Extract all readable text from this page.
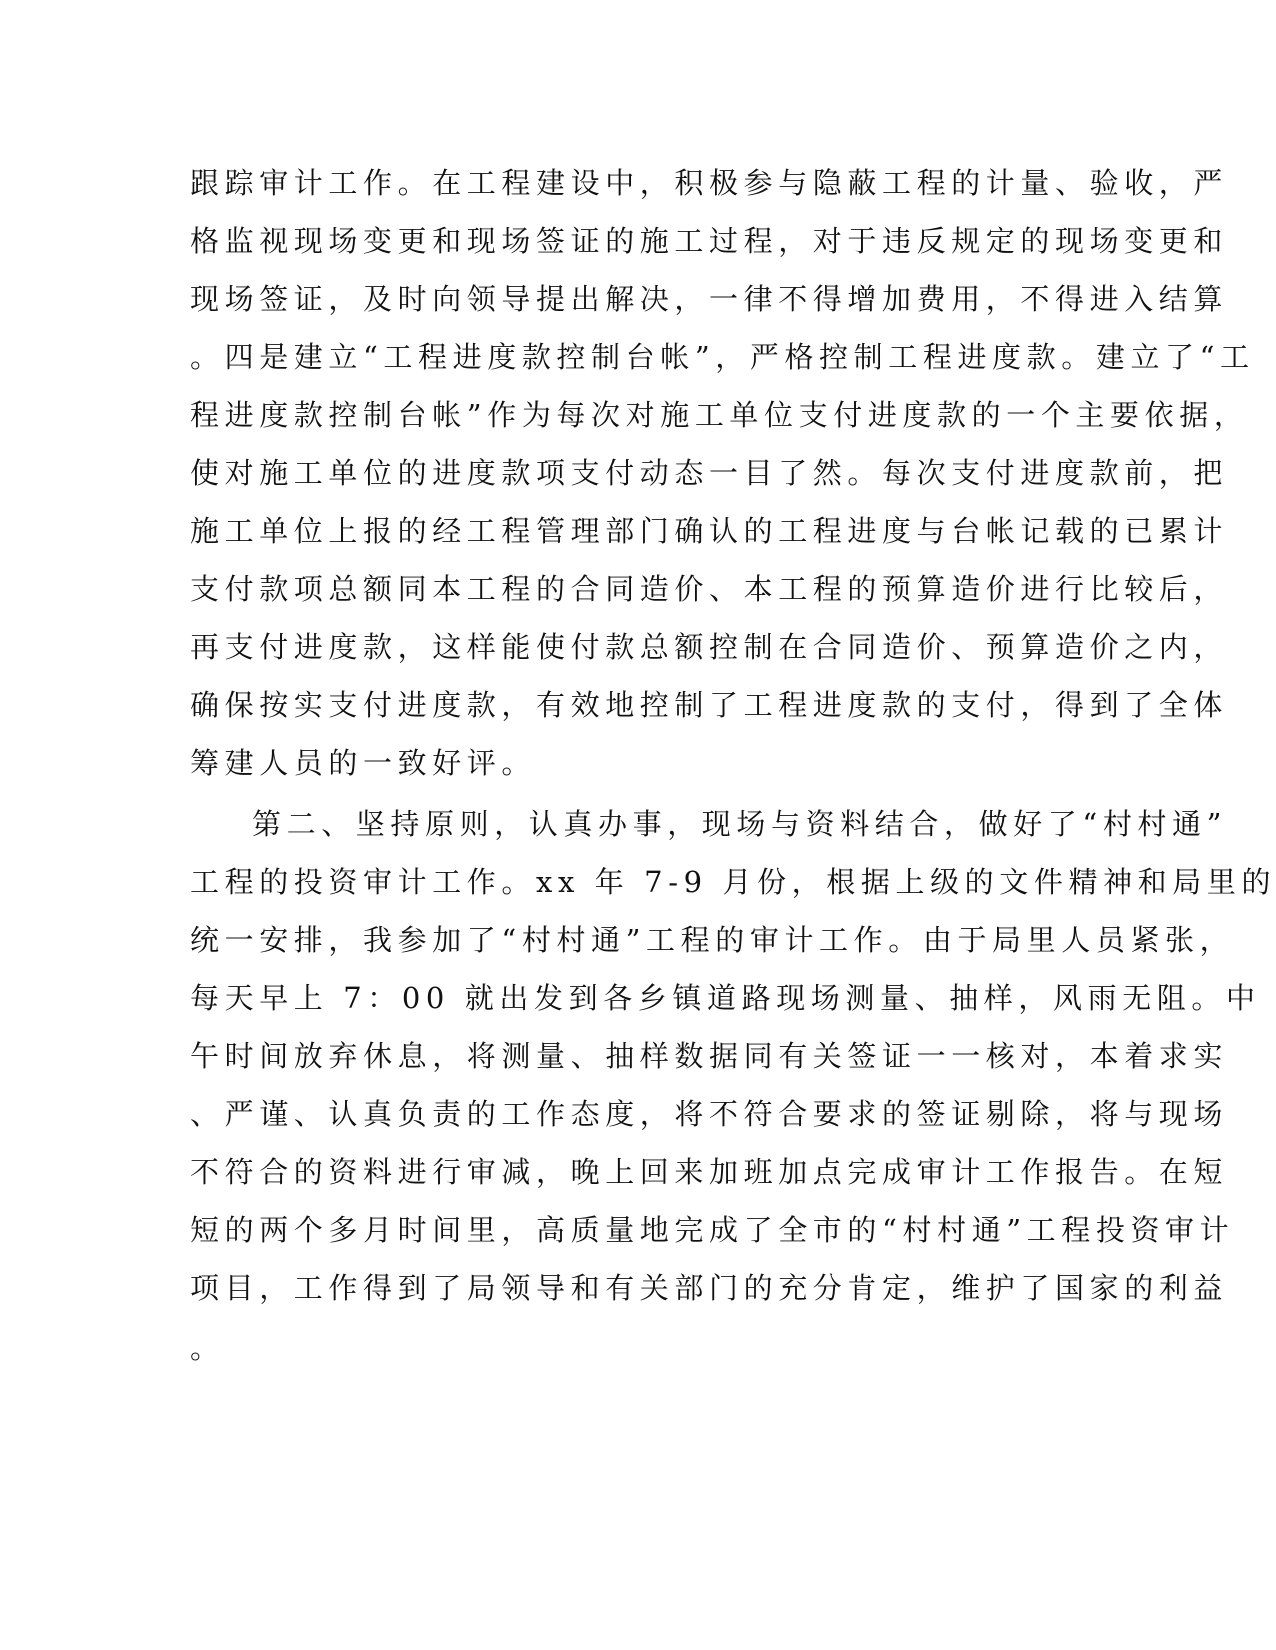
跟踪审计工作。在工程建设中，积极参与隐蔽工程的计量、验收，严
格监视现场变更和现场签证的施工过程，对于违反规定的现场变更和
现场签证，及时向领导提出解决，一律不得增加费用，不得进入结算
。四是建立“工程进度款控制台帐”，严格控制工程进度款。建立了“工
程进度款控制台帐”作为每次对施工单位支付进度款的一个主要依据，
使对施工单位的进度款项支付动态一目了然。每次支付进度款前，把
施工单位上报的经工程管理部门确认的工程进度与台帐记载的已累计
支付款项总额同本工程的合同造价、本工程的预算造价进行比较后，
再支付进度款，这样能使付款总额控制在合同造价、预算造价之内，
确保按实支付进度款，有效地控制了工程进度款的支付，得到了全体
筹建人员的一致好评。
第二、坚持原则，认真办事，现场与资料结合，做好了“村村通”
工程的投资审计工作。xx 年 7-9 月份，根据上级的文件精神和局里的
统一安排，我参加了“村村通”工程的审计工作。由于局里人员紧张，
每天早上 7：00 就出发到各乡镇道路现场测量、抽样，风雨无阻。中
午时间放弃休息，将测量、抽样数据同有关签证一一核对，本着求实
、严谨、认真负责的工作态度，将不符合要求的签证剔除，将与现场
不符合的资料进行审减，晚上回来加班加点完成审计工作报告。在短
短的两个多月时间里，高质量地完成了全市的“村村通”工程投资审计
项目，工作得到了局领导和有关部门的充分肯定，维护了国家的利益
。
